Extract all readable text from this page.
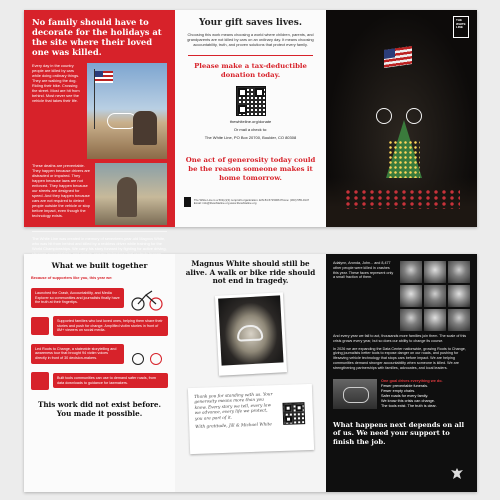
No family should have to decorate for the holidays at the site where their loved one was killed.
Every day in the country people are killed by cars while doing ordinary things. They are walking the dog. Riding their bike. Crossing the street. Most are hit from behind. Most never see the vehicle that takes their life.
These deaths are preventable. They happen because drivers are distracted or impaired. They happen because laws are not enforced. They happen because our streets are designed for speed. And they happen because cars are not required to detect people outside the vehicle or stop before impact, even though the technology exists.
The White Line was created in memory of seventeen-year-old Magnus White, who was hit from behind and killed by a reckless driver while training for the World Championships. We carry his story forward by fighting for active driving,
Your gift saves lives.
Choosing this work means choosing a world where children, parents, and grandparents are not killed by cars on an ordinary day. It means choosing accountability, truth, and proven solutions that protect every family.
Please make a tax-deductible donation today.
thewhiteline.org/donate
Or mail a check to:
The White Line, PO Box 20700, Boulder, CO 80308
One act of generosity today could be the reason someone makes it home tomorrow.
The White Line is a 501(c)(3) nonprofit organization. EIN 84-5715006 Phone: (303) 555-0147 Email: info@thewhiteline.org www.thewhiteline.org
THE WHITE LINE
What we built together
Because of supporters like you, this year we:
Launched the Crash, Accountability, and Media Explorer so communities and journalists finally have the truth at their fingertips.
Supported families who lost loved ones, helping them share their stories and push for change. Amplified victim stories in front of 8M+ viewers on social media.
Led Roots to Change, a statewide storytelling and awareness tour that brought 94 victim voices directly in front of 30 decision-makers.
Built tools communities can use to demand safer roads, from data downloads to guidance for lawmakers.
This work did not exist before. You made it possible.
Magnus White should still be alive. A walk or bike ride should not end in tragedy.
Thank you for standing with us. Your generosity means more than you know. Every story we tell, every law we advance, every life we protect, you are part of it.
With gratitude, Jill & Michael White
Adalynn, Aronda, John... and 8,477 other people were killed in crashes this year. These faces represent only a small fraction of them.
And every year we fall to act, thousands more families join them. The scale of this crisis grows every year, but so does our ability to change its course.
In 2026 we are expanding the Data Center nationwide, growing Roots to Change, giving journalists better tools to expose danger on our roads, and pushing for lifesaving vehicle technology that stops cars before impact. We are helping communities demand stronger accountability when someone is killed. We are strengthening partnerships with families, advocates, and local leaders.
One goal drives everything we do.
Fewer preventable funerals.
Fewer empty chairs.
Safer roads for every family.
We know this crisis can change.
The tools exist. The truth is clear.
What happens next depends on all of us. We need your support to finish the job.
